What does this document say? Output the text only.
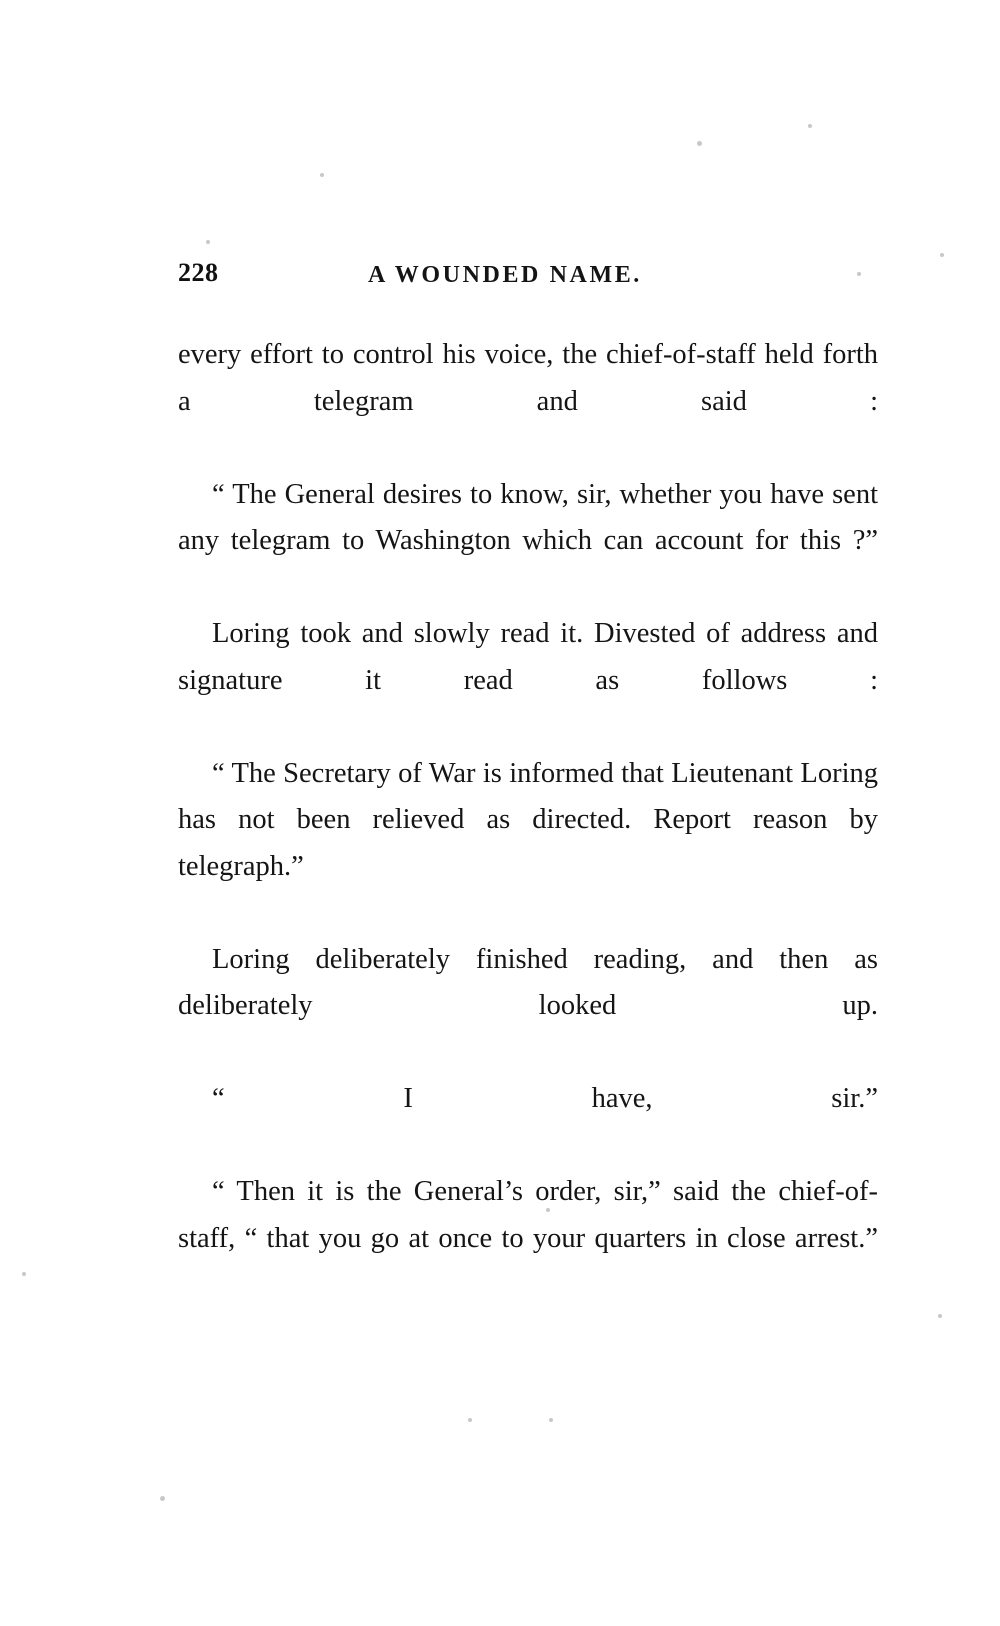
228	A WOUNDED NAME.

every effort to control his voice, the chief-of-staff held forth a telegram and said :

“ The General desires to know, sir, whether you have sent any telegram to Washington which can account for this ?”

Loring took and slowly read it. Divested of address and signature it read as follows :

“ The Secretary of War is informed that Lieutenant Loring has not been relieved as directed. Report reason by telegraph.”

Loring deliberately finished reading, and then as deliberately looked up.

“ I have, sir.”

“ Then it is the General’s order, sir,” said the chief-of-staff, “ that you go at once to your quarters in close arrest.”
